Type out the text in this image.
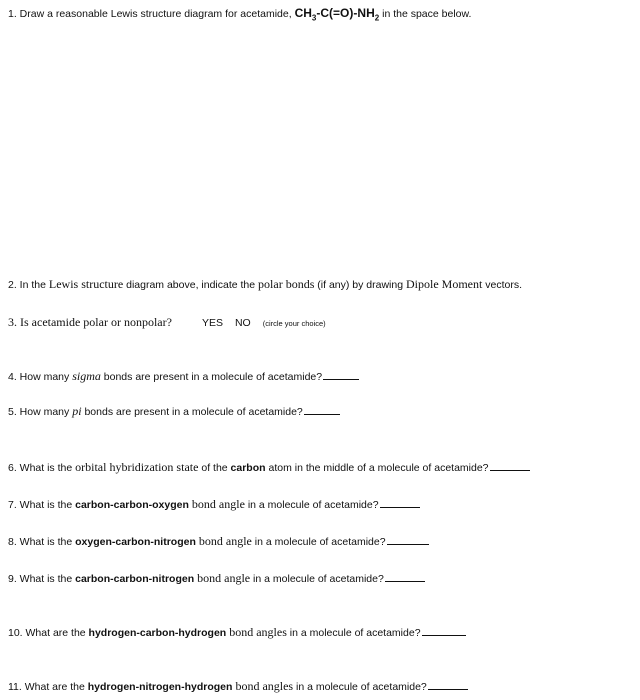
1. Draw a reasonable Lewis structure diagram for acetamide, $CH_3-C(=O)-NH_2$ in the space below.
2. In the Lewis structure diagram above, indicate the polar bonds (if any) by drawing Dipole Moment vectors.
3. Is acetamide polar or nonpolar?	YES NO (circle your choice)
4. How many sigma bonds are present in a molecule of acetamide?
5. How many pi bonds are present in a molecule of acetamide?
6. What is the orbital hybridization state of the carbon atom in the middle of a molecule of acetamide?
7. What is the carbon-carbon-oxygen bond angle in a molecule of acetamide?
8. What is the oxygen-carbon-nitrogen bond angle in a molecule of acetamide?
9. What is the carbon-carbon-nitrogen bond angle in a molecule of acetamide?
10. What are the hydrogen-carbon-hydrogen bond angles in a molecule of acetamide?
11. What are the hydrogen-nitrogen-hydrogen bond angles in a molecule of acetamide?
